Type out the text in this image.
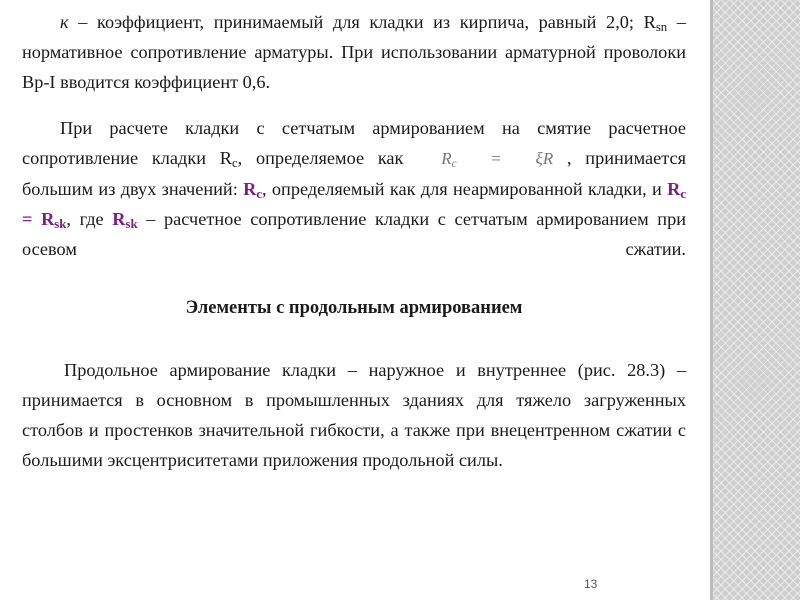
к – коэффициент, принимаемый для кладки из кирпича, равный 2,0; $R_{sn}$ – нормативное сопротивление арматуры. При использовании арматурной проволоки Вр-I вводится коэффициент 0,6.

При расчете кладки с сетчатым армированием на смятие расчетное сопротивление кладки $R_c$, определяемое как $R_c = \xi R$ , принимается большим из двух значений: $R_c$, определяемый как для неармированной кладки, и $R_c = R_{sk}$, где $R_{sk}$ – расчетное сопротивление кладки с сетчатым армированием при осевом сжатии.

Элементы с продольным армированием

Продольное армирование кладки – наружное и внутреннее (рис. 28.3) – принимается в основном в промышленных зданиях для тяжело загруженных столбов и простенков значительной гибкости, а также при внецентренном сжатии с большими эксцентриситетами приложения продольной силы.

13
